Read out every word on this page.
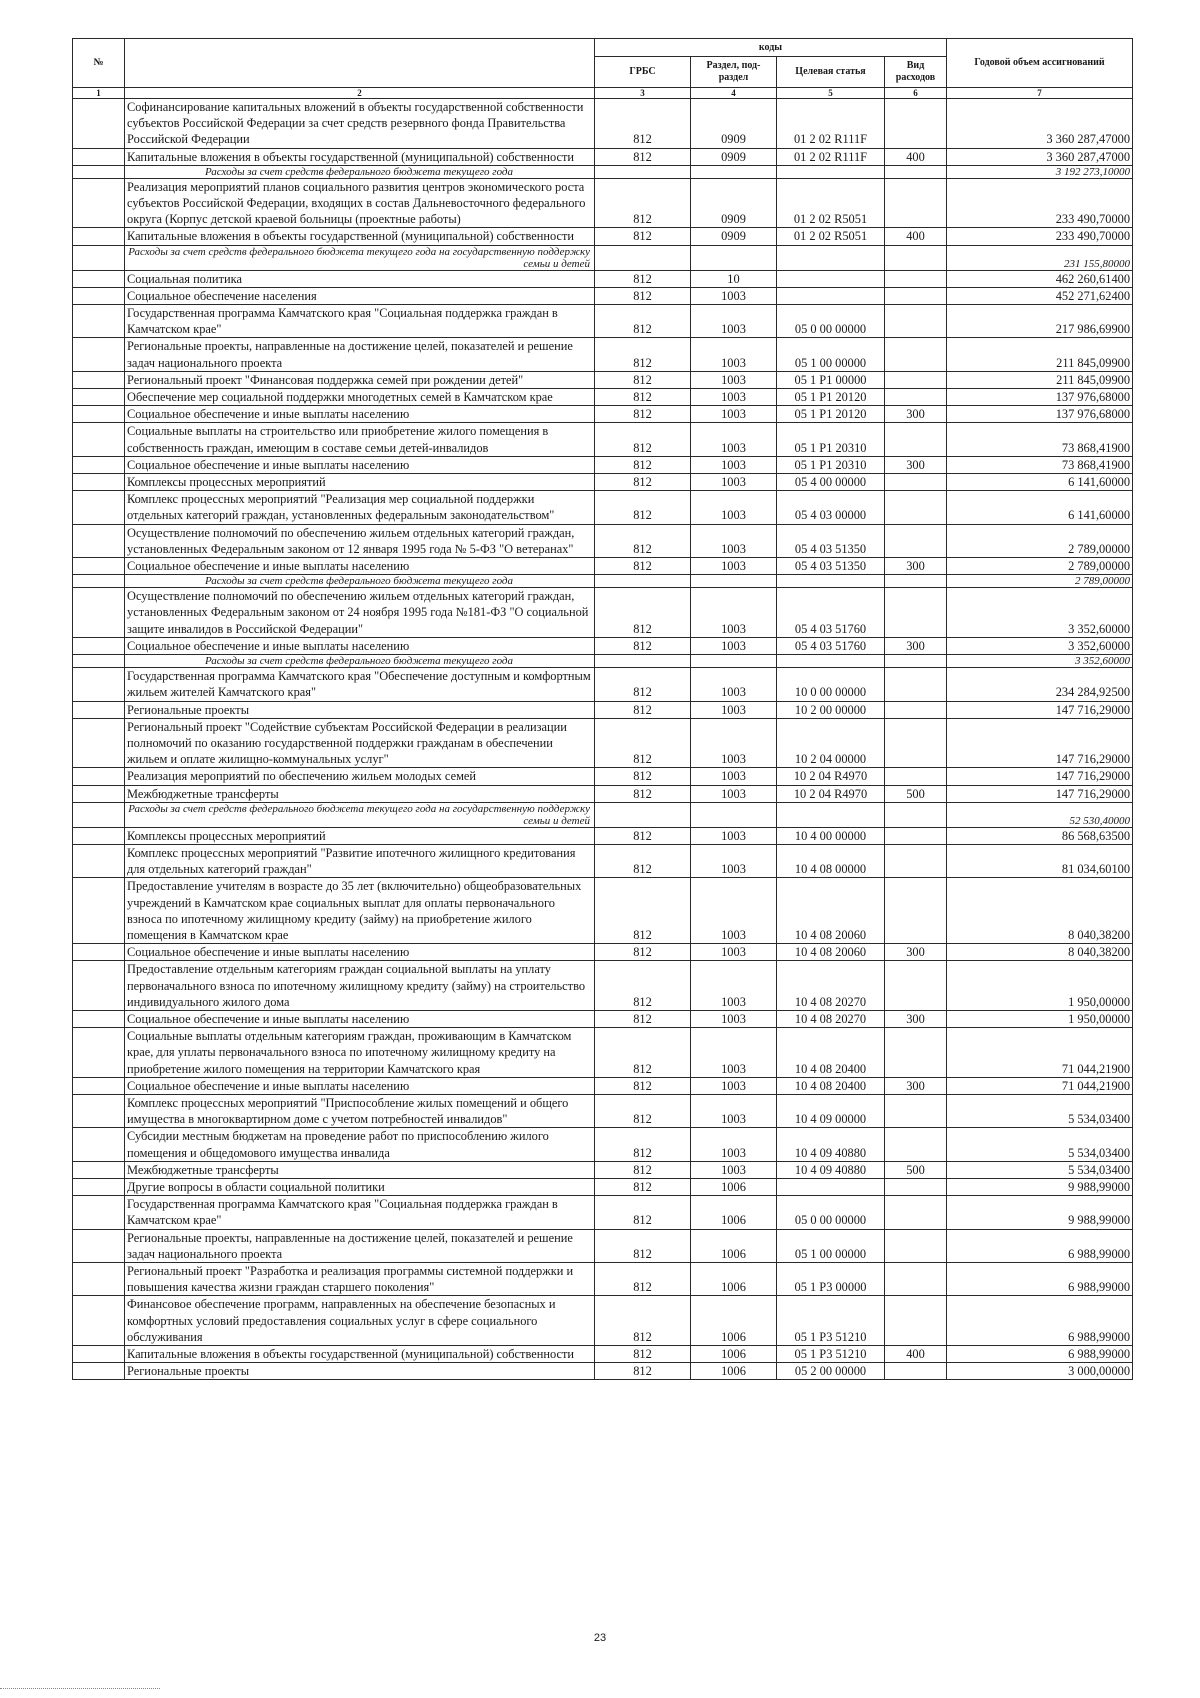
№		коды				Годовой объем ассигнований
		ГРБС	Раздел, под-раздел	Целевая статья	Вид расходов	
1	2	3	4	5	6	7
	Софинансирование капитальных вложений в объекты государственной собственности субъектов Российской Федерации за счет средств резервного фонда Правительства Российской Федерации	812	0909	01 2 02 R111F		3 360 287,47000
	Капитальные вложения в объекты государственной (муниципальной) собственности	812	0909	01 2 02 R111F	400	3 360 287,47000
	Расходы за счет средств федерального бюджета текущего года					3 192 273,10000
	Реализация мероприятий планов социального развития центров экономического роста субъектов Российской Федерации, входящих в состав Дальневосточного федерального округа (Корпус детской краевой больницы (проектные работы)	812	0909	01 2 02 R5051		233 490,70000
	Капитальные вложения в объекты государственной (муниципальной) собственности	812	0909	01 2 02 R5051	400	233 490,70000
	Расходы за счет средств федерального бюджета текущего года на государственную поддержку семьи и детей					231 155,80000
	Социальная политика	812	10			462 260,61400
	Социальное обеспечение населения	812	1003			452 271,62400
	Государственная программа Камчатского края "Социальная поддержка граждан в Камчатском крае"	812	1003	05 0 00 00000		217 986,69900
	Региональные проекты, направленные на достижение целей, показателей и решение задач национального проекта	812	1003	05 1 00 00000		211 845,09900
	Региональный проект "Финансовая поддержка семей при рождении детей"	812	1003	05 1 P1 00000		211 845,09900
	Обеспечение мер социальной поддержки многодетных семей в Камчатском крае	812	1003	05 1 P1 20120		137 976,68000
	Социальное обеспечение и иные выплаты населению	812	1003	05 1 P1 20120	300	137 976,68000
	Социальные выплаты на строительство или приобретение жилого помещения в собственность граждан, имеющим в составе семьи детей-инвалидов	812	1003	05 1 P1 20310		73 868,41900
	Социальное обеспечение и иные выплаты населению	812	1003	05 1 P1 20310	300	73 868,41900
	Комплексы процессных мероприятий	812	1003	05 4 00 00000		6 141,60000
	Комплекс процессных мероприятий "Реализация мер социальной поддержки отдельных категорий граждан, установленных федеральным законодательством"	812	1003	05 4 03 00000		6 141,60000
	Осуществление полномочий по обеспечению жильем отдельных категорий граждан, установленных Федеральным законом от 12 января 1995 года № 5-ФЗ "О ветеранах"	812	1003	05 4 03 51350		2 789,00000
	Социальное обеспечение и иные выплаты населению	812	1003	05 4 03 51350	300	2 789,00000
	Расходы за счет средств федерального бюджета текущего года					2 789,00000
	Осуществление полномочий по обеспечению жильем отдельных категорий граждан, установленных Федеральным законом от 24 ноября 1995 года №181-ФЗ "О социальной защите инвалидов в Российской Федерации"	812	1003	05 4 03 51760		3 352,60000
	Социальное обеспечение и иные выплаты населению	812	1003	05 4 03 51760	300	3 352,60000
	Расходы за счет средств федерального бюджета текущего года					3 352,60000
	Государственная программа Камчатского края "Обеспечение доступным и комфортным жильем жителей Камчатского края"	812	1003	10 0 00 00000		234 284,92500
	Региональные проекты	812	1003	10 2 00 00000		147 716,29000
	Региональный проект "Содействие субъектам Российской Федерации в реализации полномочий по оказанию государственной поддержки гражданам в обеспечении жильем и оплате жилищно-коммунальных услуг"	812	1003	10 2 04 00000		147 716,29000
	Реализация мероприятий по обеспечению жильем молодых семей	812	1003	10 2 04 R4970		147 716,29000
	Межбюджетные трансферты	812	1003	10 2 04 R4970	500	147 716,29000
	Расходы за счет средств федерального бюджета текущего года на государственную поддержку семьи и детей					52 530,40000
	Комплексы процессных мероприятий	812	1003	10 4 00 00000		86 568,63500
	Комплекс процессных мероприятий "Развитие ипотечного жилищного кредитования для отдельных категорий граждан"	812	1003	10 4 08 00000		81 034,60100
	Предоставление учителям в возрасте до 35 лет (включительно) общеобразовательных учреждений в Камчатском крае социальных выплат для оплаты первоначального взноса по ипотечному жилищному кредиту (займу) на приобретение жилого помещения в Камчатском крае	812	1003	10 4 08 20060		8 040,38200
	Социальное обеспечение и иные выплаты населению	812	1003	10 4 08 20060	300	8 040,38200
	Предоставление отдельным категориям граждан социальной выплаты на уплату первоначального взноса по ипотечному жилищному кредиту (займу) на строительство индивидуального жилого дома	812	1003	10 4 08 20270		1 950,00000
	Социальное обеспечение и иные выплаты населению	812	1003	10 4 08 20270	300	1 950,00000
	Социальные выплаты отдельным категориям граждан, проживающим в Камчатском крае, для уплаты первоначального взноса по ипотечному жилищному кредиту на приобретение жилого помещения на территории Камчатского края	812	1003	10 4 08 20400		71 044,21900
	Социальное обеспечение и иные выплаты населению	812	1003	10 4 08 20400	300	71 044,21900
	Комплекс процессных мероприятий "Приспособление жилых помещений и общего имущества в многоквартирном доме с учетом потребностей инвалидов"	812	1003	10 4 09 00000		5 534,03400
	Субсидии местным бюджетам на проведение работ по приспособлению жилого помещения и общедомового имущества инвалида	812	1003	10 4 09 40880		5 534,03400
	Межбюджетные трансферты	812	1003	10 4 09 40880	500	5 534,03400
	Другие вопросы в области социальной политики	812	1006			9 988,99000
	Государственная программа Камчатского края "Социальная поддержка граждан в Камчатском крае"	812	1006	05 0 00 00000		9 988,99000
	Региональные проекты, направленные на достижение целей, показателей и решение задач национального проекта	812	1006	05 1 00 00000		6 988,99000
	Региональный проект "Разработка и реализация программы системной поддержки и повышения качества жизни граждан старшего поколения"	812	1006	05 1 P3 00000		6 988,99000
	Финансовое обеспечение программ, направленных на обеспечение безопасных и комфортных условий предоставления социальных услуг в сфере социального обслуживания	812	1006	05 1 P3 51210		6 988,99000
	Капитальные вложения в объекты государственной (муниципальной) собственности	812	1006	05 1 P3 51210	400	6 988,99000
	Региональные проекты	812	1006	05 2 00 00000		3 000,00000
23
